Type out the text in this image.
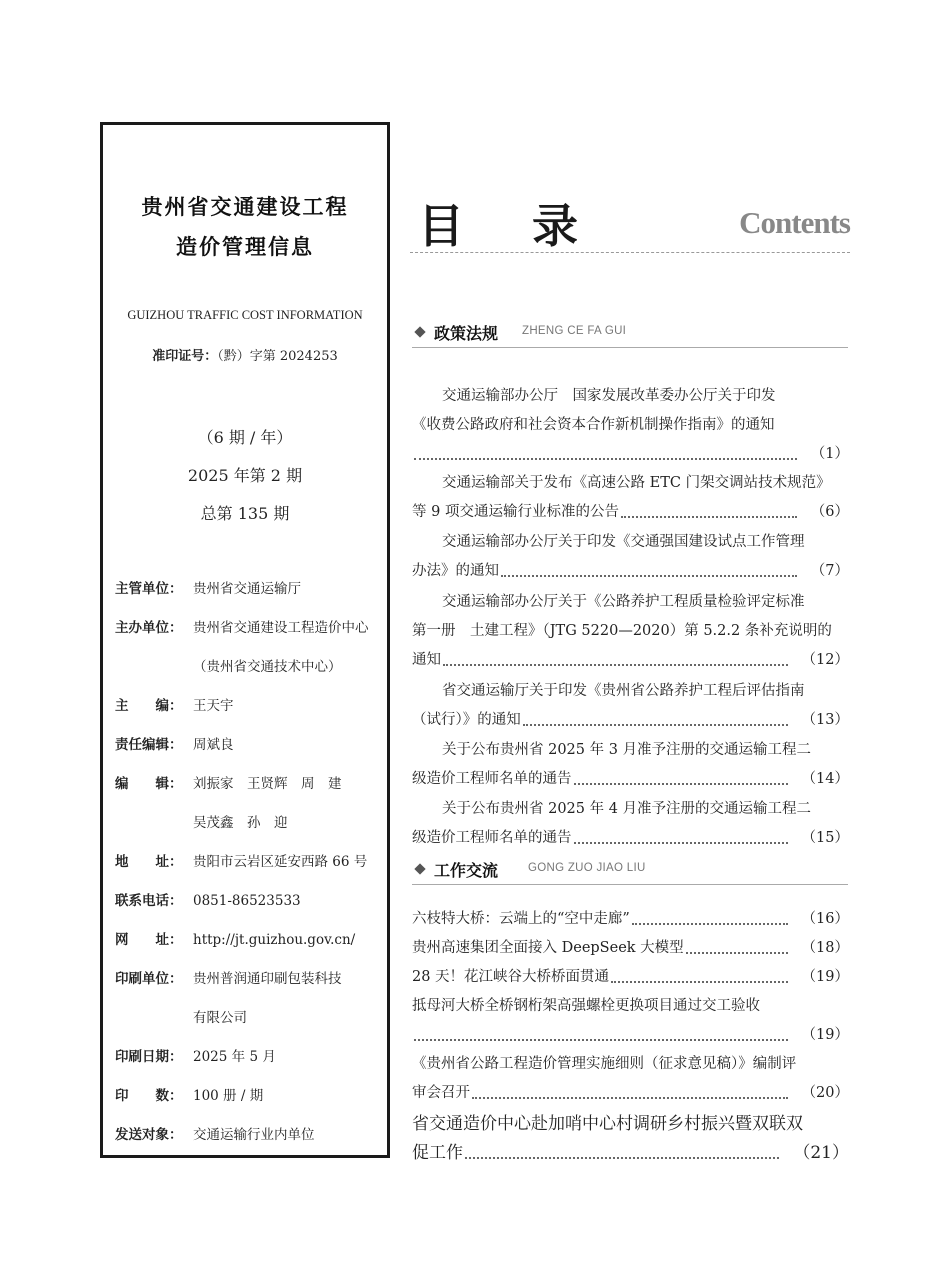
贵州省交通建设工程
造价管理信息
GUIZHOU TRAFFIC COST INFORMATION
准印证号：（黔）字第 2024253
（6 期 / 年）
2025 年第 2 期
总第 135 期
主管单位： 贵州省交通运输厅
主办单位： 贵州省交通建设工程造价中心
（贵州省交通技术中心）
主　　编： 王天宇
责任编辑： 周斌良
编　　辑： 刘振家　王贤辉　周　建
吴茂鑫　孙　迎
地　　址： 贵阳市云岩区延安西路 66 号
联系电话： 0851-86523533
网　　址： http://jt.guizhou.gov.cn/
印刷单位： 贵州普润通印刷包装科技
有限公司
印刷日期： 2025 年 5 月
印　　数： 100 册 / 期
发送对象： 交通运输行业内单位
目 录	Contents
政策法规 ZHENG CE FA GUI
交通运输部办公厅　国家发展改革委办公厅关于印发
《收费公路政府和社会资本合作新机制操作指南》的通知
（1）
交通运输部关于发布《高速公路 ETC 门架交调站技术规范》
等 9 项交通运输行业标准的公告	（6）
交通运输部办公厅关于印发《交通强国建设试点工作管理
办法》的通知	（7）
交通运输部办公厅关于《公路养护工程质量检验评定标准
第一册　土建工程》（JTG 5220—2020）第 5.2.2 条补充说明的
通知	（12）
省交通运输厅关于印发《贵州省公路养护工程后评估指南
（试行）》的通知	（13）
关于公布贵州省 2025 年 3 月准予注册的交通运输工程二
级造价工程师名单的通告	（14）
关于公布贵州省 2025 年 4 月准予注册的交通运输工程二
级造价工程师名单的通告	（15）
工作交流	GONG ZUO JIAO LIU
六枝特大桥：云端上的“空中走廊”	（16）
贵州高速集团全面接入 DeepSeek 大模型	（18）
28 天！花江峡谷大桥桥面贯通	（19）
抵母河大桥全桥钢桁架高强螺栓更换项目通过交工验收
（19）
《贵州省公路工程造价管理实施细则（征求意见稿）》编制评
审会召开	（20）
省交通造价中心赴加哨中心村调研乡村振兴暨双联双
促工作	（21）
